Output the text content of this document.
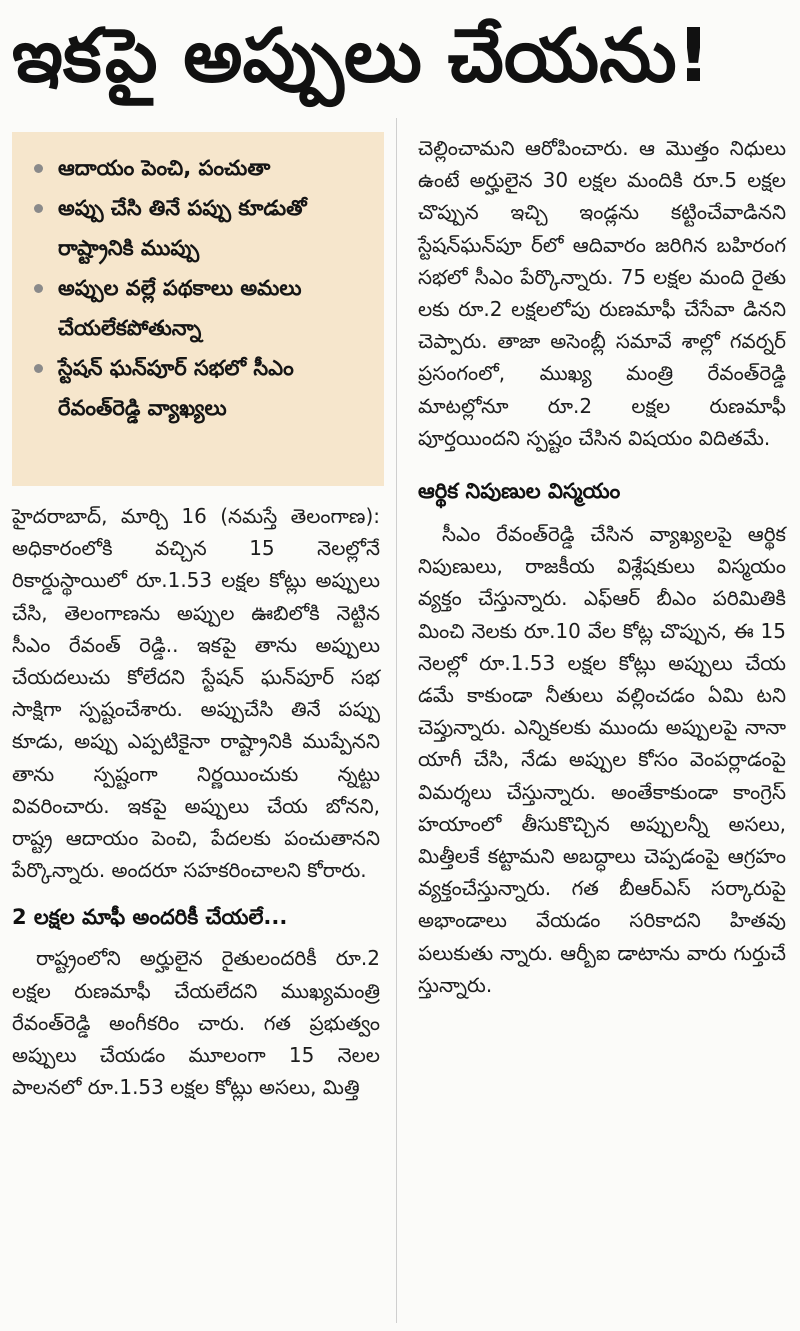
ఇకపై అప్పులు చేయను!
ఆదాయం పెంచి, పంచుతా
అప్పు చేసి తినే పప్పు కూడుతో రాష్ట్రానికి ముప్పు
అప్పుల వల్లే పథకాలు అమలు చేయలేకపోతున్నా
స్టేషన్ ఘన్‌పూర్ సభలో సీఎం రేవంత్‌రెడ్డి వ్యాఖ్యలు
హైదరాబాద్, మార్చి 16 (నమస్తే తెలంగాణ): అధికారంలోకి వచ్చిన 15 నెలల్లోనే రికార్డుస్థాయిలో రూ.1.53 లక్షల కోట్లు అప్పులు చేసి, తెలంగాణను అప్పుల ఊబిలోకి నెట్టిన సీఎం రేవంత్ రెడ్డి.. ఇకపై తాను అప్పులు చేయదలుచు కోలేదని స్టేషన్ ఘన్‌పూర్ సభ సాక్షిగా స్పష్టంచేశారు. అప్పుచేసి తినే పప్పు కూడు, అప్పు ఎప్పటికైనా రాష్ట్రానికి ముప్పేనని తాను స్పష్టంగా నిర్ణయించుకు న్నట్టు వివరించారు. ఇకపై అప్పులు చేయ బోనని, రాష్ట్ర ఆదాయం పెంచి, పేదలకు పంచుతానని పేర్కొన్నారు. అందరూ సహకరించాలని కోరారు.
2 లక్షల మాఫీ అందరికీ చేయలే...
రాష్ట్రంలోని అర్హులైన రైతులందరికీ రూ.2 లక్షల రుణమాఫీ చేయలేదని ముఖ్యమంత్రి రేవంత్‌రెడ్డి అంగీకరిం చారు. గత ప్రభుత్వం అప్పులు చేయడం మూలంగా 15 నెలల పాలనలో రూ.1.53 లక్షల కోట్లు అసలు, మిత్తి
చెల్లించామని ఆరోపించారు. ఆ మొత్తం నిధులు ఉంటే అర్హులైన 30 లక్షల మందికి రూ.5 లక్షల చొప్పున ఇచ్చి ఇండ్లను కట్టించేవాడినని స్టేషన్‌ఘన్‌పూ ర్‌లో ఆదివారం జరిగిన బహిరంగ సభలో సీఎం పేర్కొన్నారు. 75 లక్షల మంది రైతు లకు రూ.2 లక్షలలోపు రుణమాఫీ చేసేవా డినని చెప్పారు. తాజా అసెంబ్లీ సమావే శాల్లో గవర్నర్ ప్రసంగంలో, ముఖ్య మంత్రి రేవంత్‌రెడ్డి మాటల్లోనూ రూ.2 లక్షల రుణమాఫీ పూర్తయిందని స్పష్టం చేసిన విషయం విదితమే.
ఆర్థిక నిపుణుల విస్మయం
సీఎం రేవంత్‌రెడ్డి చేసిన వ్యాఖ్యలపై ఆర్థిక నిపుణులు, రాజకీయ విశ్లేషకులు విస్మయం వ్యక్తం చేస్తున్నారు. ఎఫ్‌ఆర్ బీఎం పరిమితికి మించి నెలకు రూ.10 వేల కోట్ల చొప్పున, ఈ 15 నెలల్లో రూ.1.53 లక్షల కోట్లు అప్పులు చేయ డమే కాకుండా నీతులు వల్లించడం ఏమి టని చెప్తున్నారు. ఎన్నికలకు ముందు అప్పులపై నానా యాగీ చేసి, నేడు అప్పుల కోసం వెంపర్లాడంపై విమర్శలు చేస్తున్నారు. అంతేకాకుండా కాంగ్రెస్ హయాంలో తీసుకొచ్చిన అప్పులన్నీ అసలు, మిత్తీలకే కట్టామని అబద్ధాలు చెప్పడంపై ఆగ్రహం వ్యక్తంచేస్తున్నారు. గత బీఆర్‌ఎస్ సర్కారుపై అభాండాలు వేయడం సరికాదని హితవు పలుకుతు న్నారు. ఆర్బీఐ డాటాను వారు గుర్తుచే స్తున్నారు.
